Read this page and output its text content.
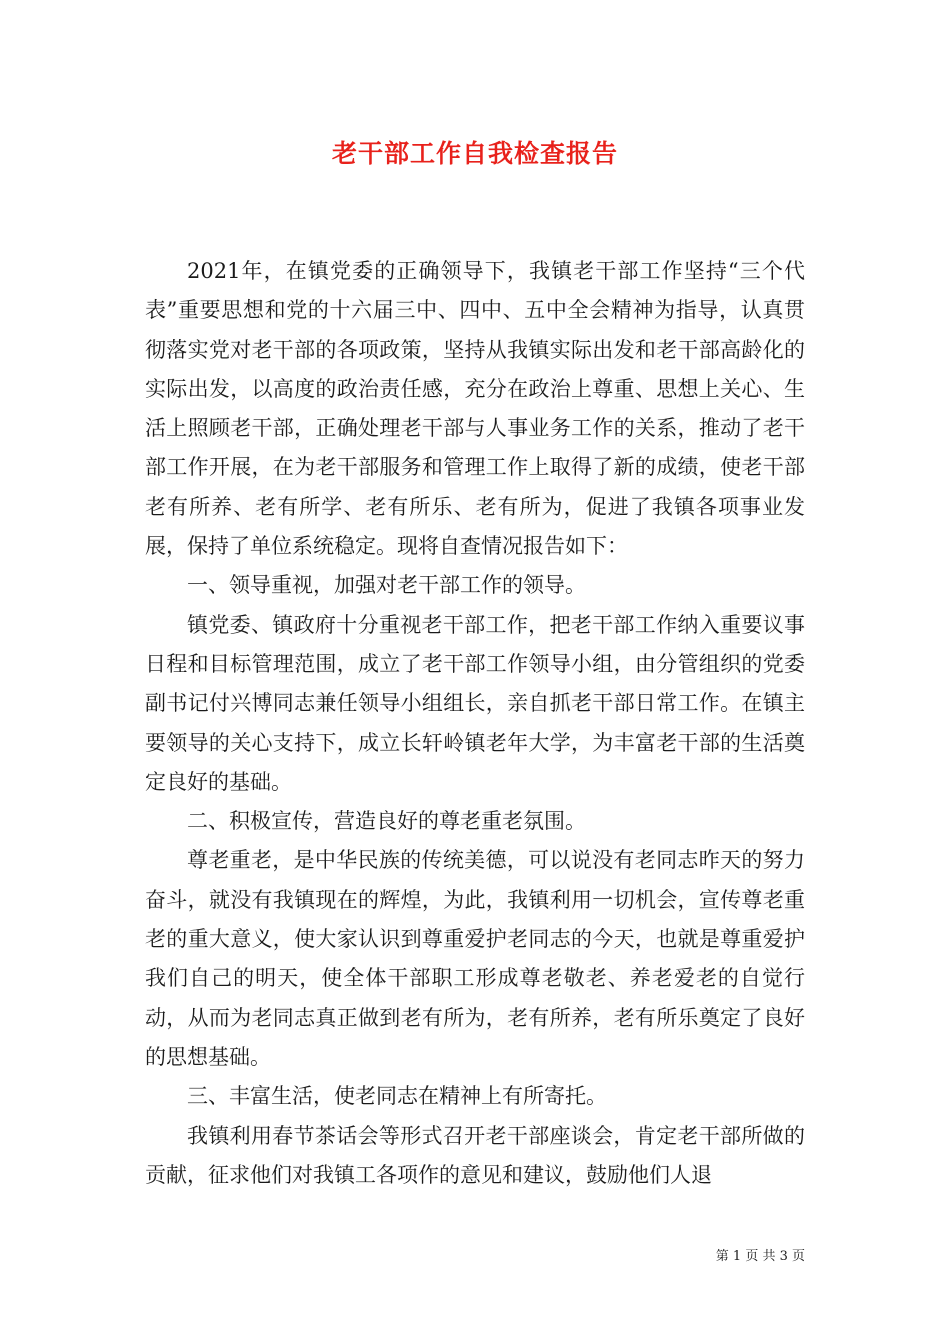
老干部工作自我检查报告

2021年，在镇党委的正确领导下，我镇老干部工作坚持“三个代表”重要思想和党的十六届三中、四中、五中全会精神为指导，认真贯彻落实党对老干部的各项政策，坚持从我镇实际出发和老干部高龄化的实际出发，以高度的政治责任感，充分在政治上尊重、思想上关心、生活上照顾老干部，正确处理老干部与人事业务工作的关系，推动了老干部工作开展，在为老干部服务和管理工作上取得了新的成绩，使老干部老有所养、老有所学、老有所乐、老有所为，促进了我镇各项事业发展，保持了单位系统稳定。现将自查情况报告如下：

一、领导重视，加强对老干部工作的领导。

镇党委、镇政府十分重视老干部工作，把老干部工作纳入重要议事日程和目标管理范围，成立了老干部工作领导小组，由分管组织的党委副书记付兴博同志兼任领导小组组长，亲自抓老干部日常工作。在镇主要领导的关心支持下，成立长轩岭镇老年大学，为丰富老干部的生活奠定良好的基础。

二、积极宣传，营造良好的尊老重老氛围。

尊老重老，是中华民族的传统美德，可以说没有老同志昨天的努力奋斗，就没有我镇现在的辉煌，为此，我镇利用一切机会，宣传尊老重老的重大意义，使大家认识到尊重爱护老同志的今天，也就是尊重爱护我们自己的明天，使全体干部职工形成尊老敬老、养老爱老的自觉行动，从而为老同志真正做到老有所为，老有所养，老有所乐奠定了良好的思想基础。

三、丰富生活，使老同志在精神上有所寄托。

我镇利用春节茶话会等形式召开老干部座谈会，肯定老干部所做的贡献，征求他们对我镇工各项作的意见和建议，鼓励他们人退

第 1 页 共 3 页
